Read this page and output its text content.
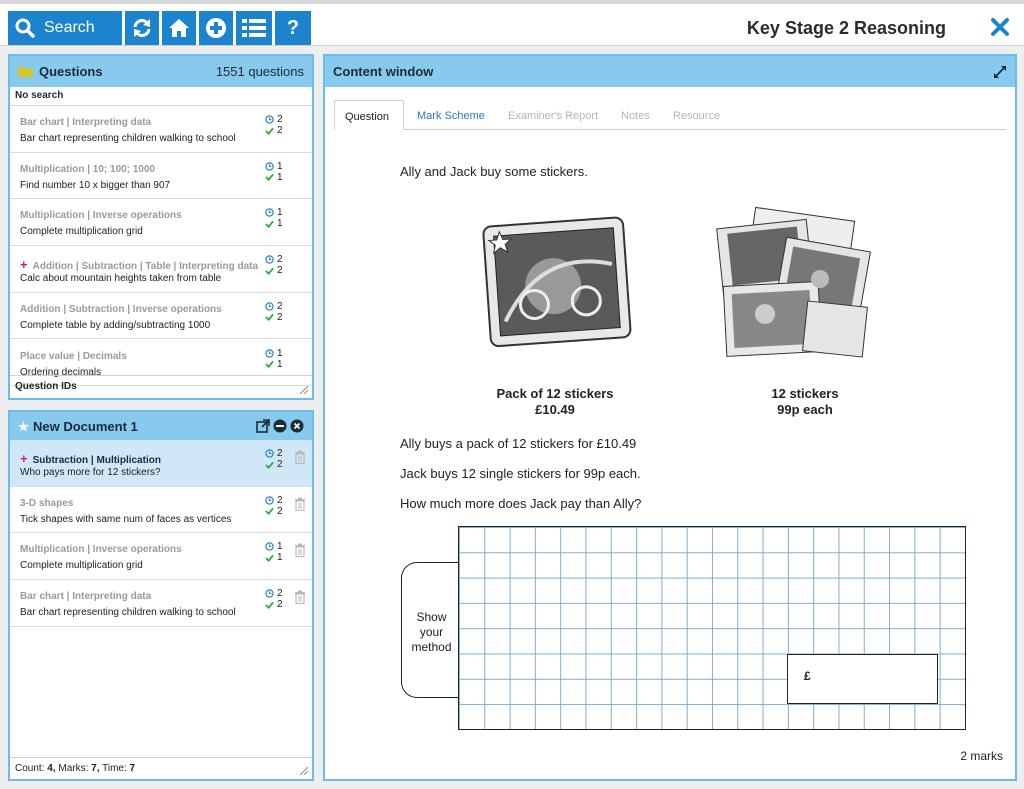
Search	?	Key Stage 2 Reasoning
Questions	1551 questions
No search
Bar chart | Interpreting data
Bar chart representing children walking to school
2
2
Multiplication | 10; 100; 1000
Find number 10 x bigger than 907
1
1
Multiplication | Inverse operations
Complete multiplication grid
1
1
+ Addition | Subtraction | Table | Interpreting data
Calc about mountain heights taken from table
2
2
Addition | Subtraction | Inverse operations
Complete table by adding/subtracting 1000
2
2
Place value | Decimals
Ordering decimals
1
1
Question IDs
New Document 1
+ Subtraction | Multiplication
Who pays more for 12 stickers?
2
2
3-D shapes
Tick shapes with same num of faces as vertices
2
2
Multiplication | Inverse operations
Complete multiplication grid
1
1
Bar chart | Interpreting data
Bar chart representing children walking to school
2
2
Count: 4, Marks: 7, Time: 7
Content window
Question	Mark Scheme	Examiner's Report	Notes	Resource
Ally and Jack buy some stickers.
Pack of 12 stickers
£10.49
12 stickers
99p each
Ally buys a pack of 12 stickers for £10.49
Jack buys 12 single stickers for 99p each.
How much more does Jack pay than Ally?
Show
your
method
£
2 marks
